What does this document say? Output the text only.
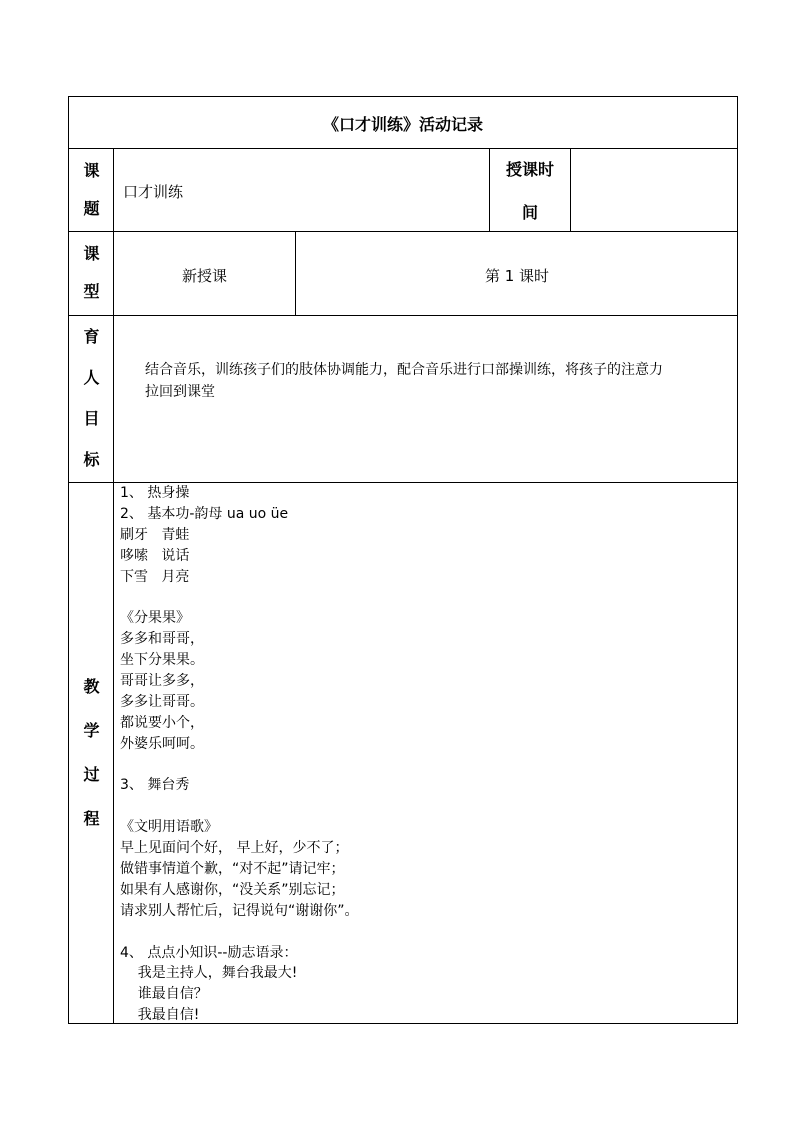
《口才训练》活动记录
课
题
口才训练
授课时
间
课
型
新授课	第 1 课时
育
人
目
标
结合音乐，训练孩子们的肢体协调能力，配合音乐进行口部操训练，将孩子的注意力
拉回到课堂
教
学
过
程
1、 热身操
2、 基本功-韵母 ua uo üe
刷牙   青蛙
哆嗦   说话
下雪   月亮
《分果果》
多多和哥哥，
坐下分果果。
哥哥让多多，
多多让哥哥。
都说要小个，
外婆乐呵呵。
3、 舞台秀
《文明用语歌》
早上见面问个好， 早上好，少不了；
做错事情道个歉，“对不起”请记牢；
如果有人感谢你，“没关系”别忘记；
请求别人帮忙后，记得说句“谢谢你”。
4、 点点小知识--励志语录：
我是主持人，舞台我最大!
谁最自信？
我最自信!
